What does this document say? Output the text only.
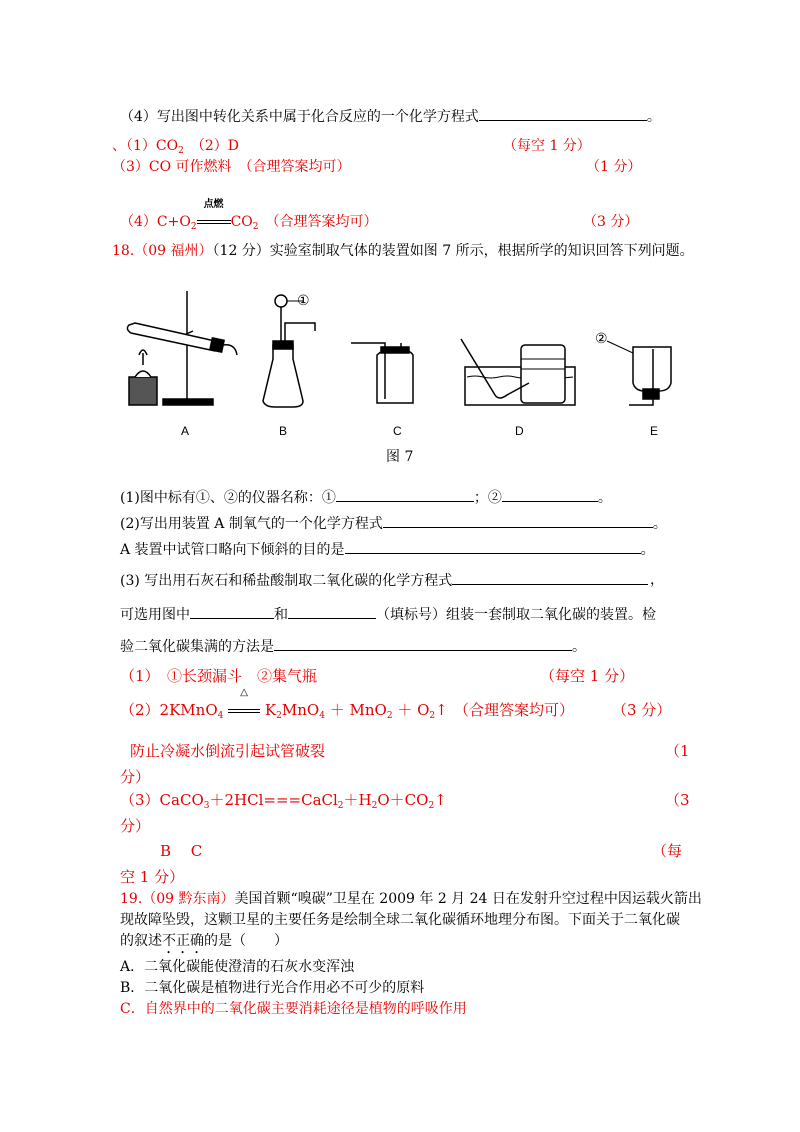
（4）写出图中转化关系中属于化合反应的一个化学方程式	。
、$(1)CO_2$　 （2）D	（每空 1 分）
（3）CO 可作燃料　 （合理答案均可）	（1 分）
$(4)C+O_2$
点燃
$CO_2$　 （合理答案均可）	（3 分）
18.（09 福州）（12 分）实验室制取气体的装置如图 7 所示，根据所学的知识回答下列问题。
A	B	C	D	E
①
②
图 7
(1)图中标有①、②的仪器名称：①	；②	。
(2)写出用装置 A 制氧气的一个化学方程式	。
A 装置中试管口略向下倾斜的目的是	。
(3) 写出用石灰石和稀盐酸制取二氧化碳的化学方程式	，
可选用图中	和	（填标号）组装一套制取二氧化碳的装置。检
验二氧化碳集满的方法是	。
（1）　①长颈漏斗　②集气瓶	（每空 1 分）
（2）2KMnO$_4$
△
$K_2MnO_4 + MnO_2$ ＋ $O_2↑$ （合理答案均可）	（3 分）
防止冷凝水倒流引起试管破裂	（1
分）
$(3)CaCO_3+2HCl===CaCl_2+H_2O+CO_2↑$	（3
分）
B　 C	（每
空 1 分）
19.（09 黔东南）美国首颗“嗅碳”卫星在 2009 年 2 月 24 日在发射升空过程中因运载火箭出
现故障坠毁，这颗卫星的主要任务是绘制全球二氧化碳循环地理分布图。下面关于二氧化碳
的叙述不正确的是（　　）
A．二氧化碳能使澄清的石灰水变浑浊
B．二氧化碳是植物进行光合作用必不可少的原料
C．自然界中的二氧化碳主要消耗途径是植物的呼吸作用
